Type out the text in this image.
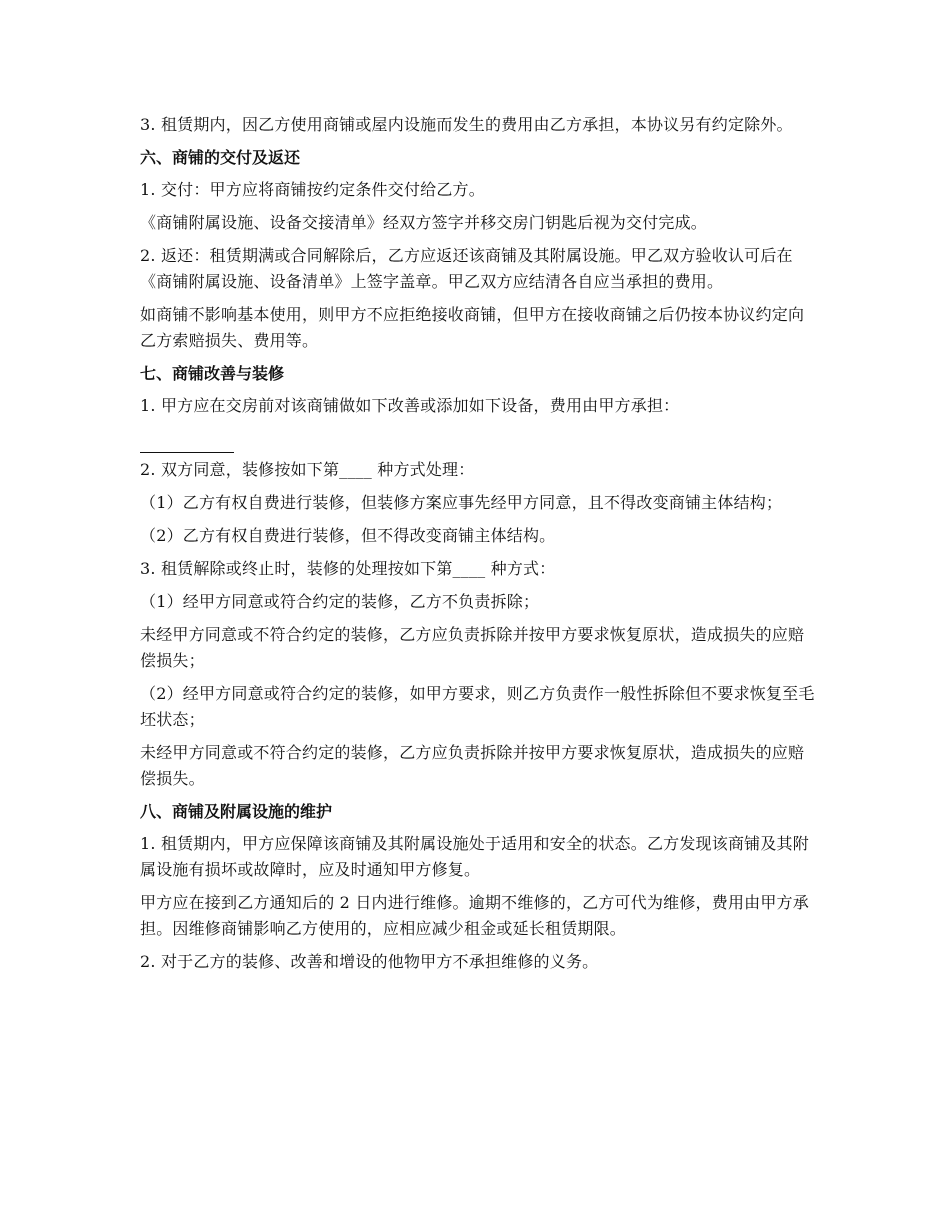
3. 租赁期内，因乙方使用商铺或屋内设施而发生的费用由乙方承担，本协议另有约定除外。

六、商铺的交付及返还

1. 交付：甲方应将商铺按约定条件交付给乙方。

《商铺附属设施、设备交接清单》经双方签字并移交房门钥匙后视为交付完成。

2. 返还：租赁期满或合同解除后，乙方应返还该商铺及其附属设施。甲乙双方验收认可后在《商铺附属设施、设备清单》上签字盖章。甲乙双方应结清各自应当承担的费用。

如商铺不影响基本使用，则甲方不应拒绝接收商铺，但甲方在接收商铺之后仍按本协议约定向乙方索赔损失、费用等。

七、商铺改善与装修

1. 甲方应在交房前对该商铺做如下改善或添加如下设备，费用由甲方承担：

2. 双方同意，装修按如下第____ 种方式处理：

（1）乙方有权自费进行装修，但装修方案应事先经甲方同意，且不得改变商铺主体结构；

（2）乙方有权自费进行装修，但不得改变商铺主体结构。

3. 租赁解除或终止时，装修的处理按如下第____ 种方式：

（1）经甲方同意或符合约定的装修，乙方不负责拆除；

未经甲方同意或不符合约定的装修，乙方应负责拆除并按甲方要求恢复原状，造成损失的应赔偿损失；

（2）经甲方同意或符合约定的装修，如甲方要求，则乙方负责作一般性拆除但不要求恢复至毛坯状态；

未经甲方同意或不符合约定的装修，乙方应负责拆除并按甲方要求恢复原状，造成损失的应赔偿损失。

八、商铺及附属设施的维护

1. 租赁期内，甲方应保障该商铺及其附属设施处于适用和安全的状态。乙方发现该商铺及其附属设施有损坏或故障时，应及时通知甲方修复。

甲方应在接到乙方通知后的 2 日内进行维修。逾期不维修的，乙方可代为维修，费用由甲方承担。因维修商铺影响乙方使用的，应相应减少租金或延长租赁期限。

2. 对于乙方的装修、改善和增设的他物甲方不承担维修的义务。
